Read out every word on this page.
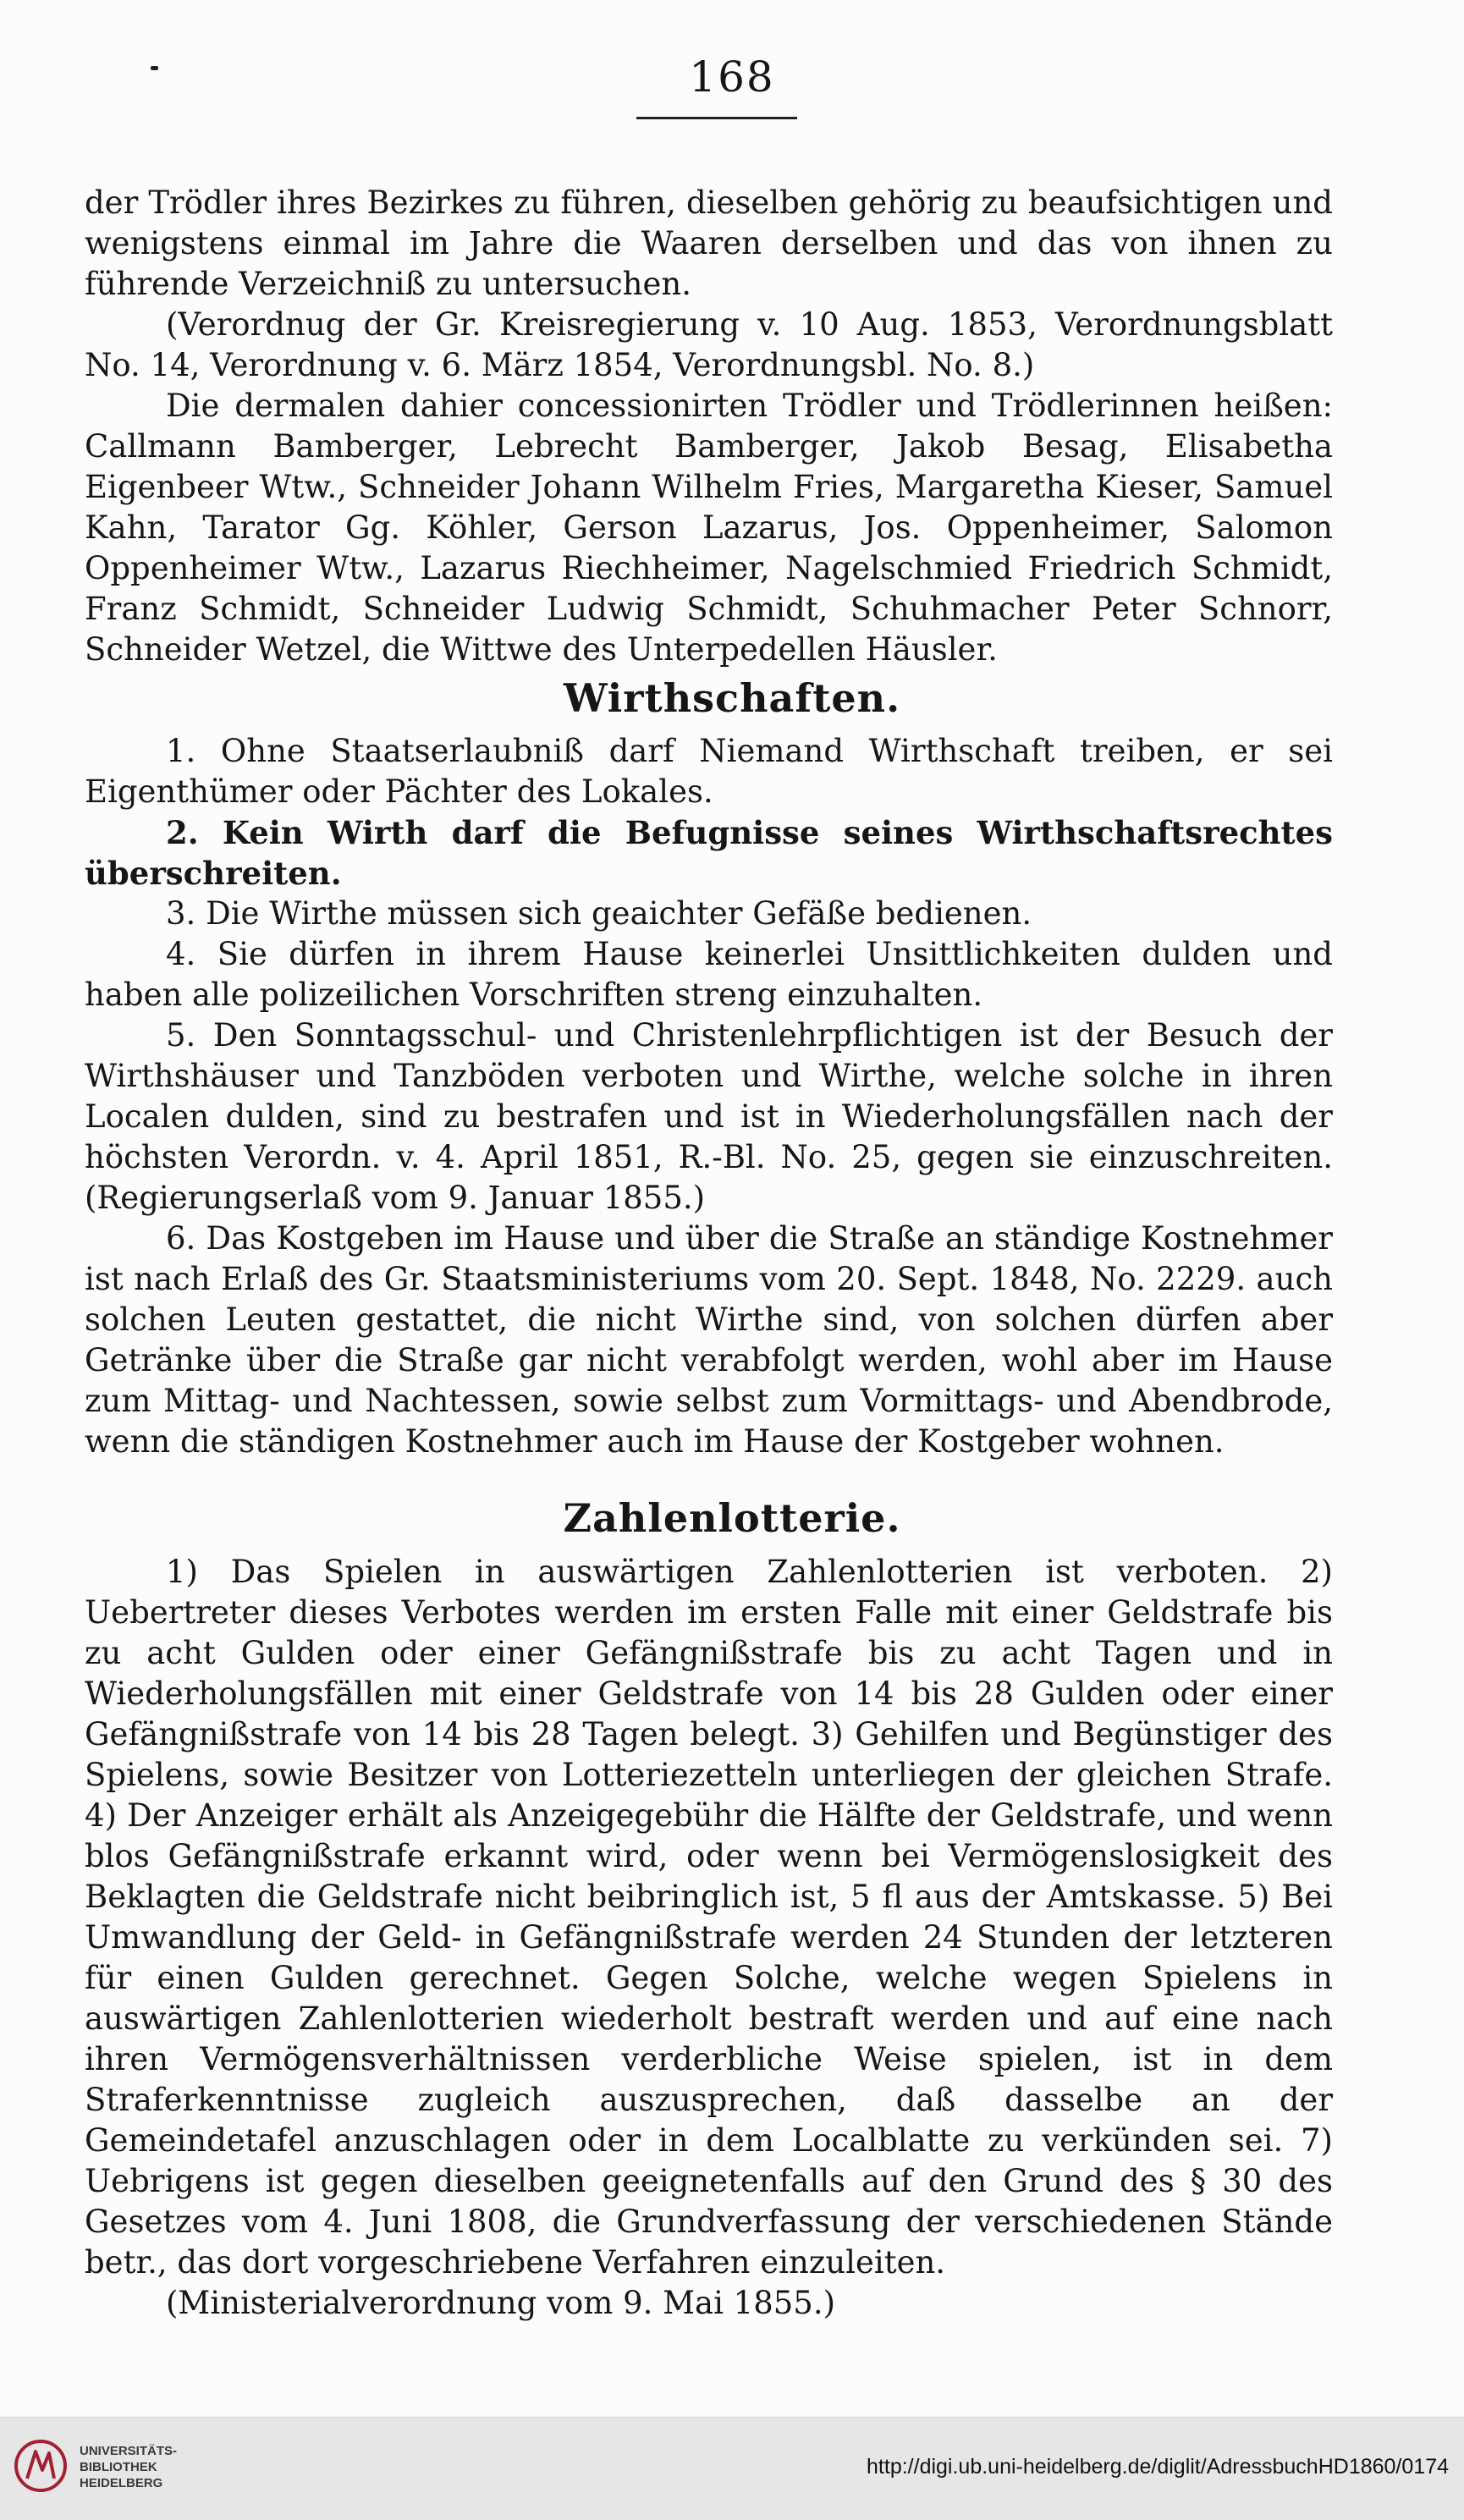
168

der Trödler ihres Bezirkes zu führen, dieselben gehörig zu beaufsichtigen und wenigstens einmal im Jahre die Waaren derselben und das von ihnen zu führende Verzeichniß zu untersuchen.

(Verordnug der Gr. Kreisregierung v. 10 Aug. 1853, Verordnungsblatt No. 14, Verordnung v. 6. März 1854, Verordnungsbl. No. 8.)

Die dermalen dahier concessionirten Trödler und Trödlerinnen heißen: Callmann Bamberger, Lebrecht Bamberger, Jakob Besag, Elisabetha Eigenbeer Wtw., Schneider Johann Wilhelm Fries, Margaretha Kieser, Samuel Kahn, Tarator Gg. Köhler, Gerson Lazarus, Jos. Oppenheimer, Salomon Oppenheimer Wtw., Lazarus Riechheimer, Nagelschmied Friedrich Schmidt, Franz Schmidt, Schneider Ludwig Schmidt, Schuhmacher Peter Schnorr, Schneider Wetzel, die Wittwe des Unterpedellen Häusler.

Wirthschaften.

1. Ohne Staatserlaubniß darf Niemand Wirthschaft treiben, er sei Eigenthümer oder Pächter des Lokales.

2. Kein Wirth darf die Befugnisse seines Wirthschaftsrechtes überschreiten.

3. Die Wirthe müssen sich geaichter Gefäße bedienen.

4. Sie dürfen in ihrem Hause keinerlei Unsittlichkeiten dulden und haben alle polizeilichen Vorschriften streng einzuhalten.

5. Den Sonntagsschul- und Christenlehrpflichtigen ist der Besuch der Wirthshäuser und Tanzböden verboten und Wirthe, welche solche in ihren Localen dulden, sind zu bestrafen und ist in Wiederholungsfällen nach der höchsten Verordn. v. 4. April 1851, R.-Bl. No. 25, gegen sie einzuschreiten. (Regierungserlaß vom 9. Januar 1855.)

6. Das Kostgeben im Hause und über die Straße an ständige Kostnehmer ist nach Erlaß des Gr. Staatsministeriums vom 20. Sept. 1848, No. 2229. auch solchen Leuten gestattet, die nicht Wirthe sind, von solchen dürfen aber Getränke über die Straße gar nicht verabfolgt werden, wohl aber im Hause zum Mittag- und Nachtessen, sowie selbst zum Vormittags- und Abendbrode, wenn die ständigen Kostnehmer auch im Hause der Kostgeber wohnen.

Zahlenlotterie.

1) Das Spielen in auswärtigen Zahlenlotterien ist verboten. 2) Uebertreter dieses Verbotes werden im ersten Falle mit einer Geldstrafe bis zu acht Gulden oder einer Gefängnißstrafe bis zu acht Tagen und in Wiederholungsfällen mit einer Geldstrafe von 14 bis 28 Gulden oder einer Gefängnißstrafe von 14 bis 28 Tagen belegt. 3) Gehilfen und Begünstiger des Spielens, sowie Besitzer von Lotteriezetteln unterliegen der gleichen Strafe. 4) Der Anzeiger erhält als Anzeigegebühr die Hälfte der Geldstrafe, und wenn blos Gefängnißstrafe erkannt wird, oder wenn bei Vermögenslosigkeit des Beklagten die Geldstrafe nicht beibringlich ist, 5 fl aus der Amtskasse. 5) Bei Umwandlung der Geld- in Gefängnißstrafe werden 24 Stunden der letzteren für einen Gulden gerechnet. Gegen Solche, welche wegen Spielens in auswärtigen Zahlenlotterien wiederholt bestraft werden und auf eine nach ihren Vermögensverhältnissen verderbliche Weise spielen, ist in dem Straferkenntnisse zugleich auszusprechen, daß dasselbe an der Gemeindetafel anzuschlagen oder in dem Localblatte zu verkünden sei. 7) Uebrigens ist gegen dieselben geeignetenfalls auf den Grund des § 30 des Gesetzes vom 4. Juni 1808, die Grundverfassung der verschiedenen Stände betr., das dort vorgeschriebene Verfahren einzuleiten.

(Ministerialverordnung vom 9. Mai 1855.)

UNIVERSITÄTS-
BIBLIOTHEK
HEIDELBERG
http://digi.ub.uni-heidelberg.de/diglit/AdressbuchHD1860/0174
